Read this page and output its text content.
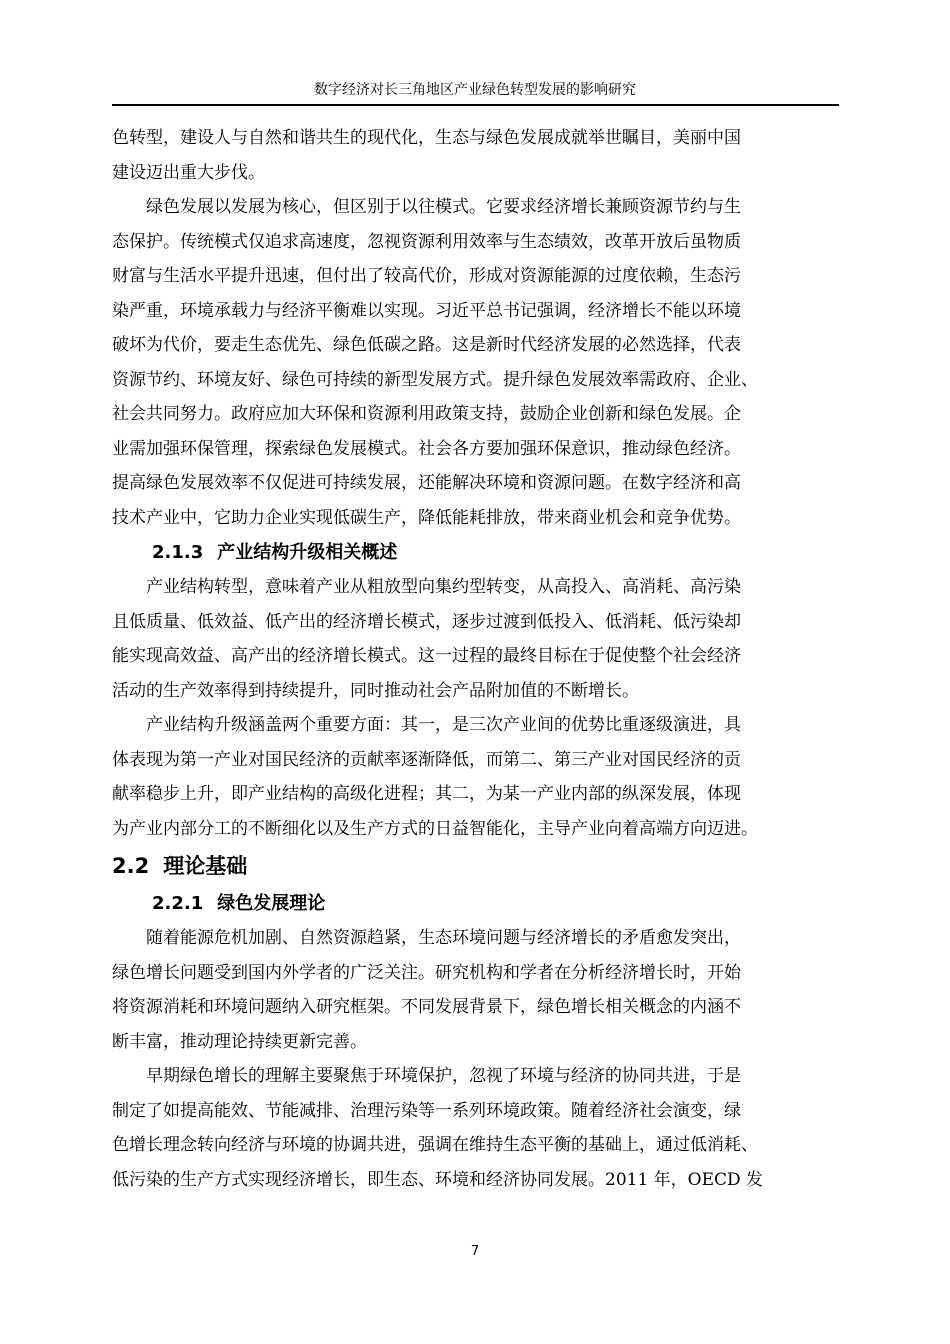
数字经济对长三角地区产业绿色转型发展的影响研究

色转型，建设人与自然和谐共生的现代化，生态与绿色发展成就举世瞩目，美丽中国
建设迈出重大步伐。

　　绿色发展以发展为核心，但区别于以往模式。它要求经济增长兼顾资源节约与生
态保护。传统模式仅追求高速度，忽视资源利用效率与生态绩效，改革开放后虽物质
财富与生活水平提升迅速，但付出了较高代价，形成对资源能源的过度依赖，生态污
染严重，环境承载力与经济平衡难以实现。习近平总书记强调，经济增长不能以环境
破坏为代价，要走生态优先、绿色低碳之路。这是新时代经济发展的必然选择，代表
资源节约、环境友好、绿色可持续的新型发展方式。提升绿色发展效率需政府、企业、
社会共同努力。政府应加大环保和资源利用政策支持，鼓励企业创新和绿色发展。企
业需加强环保管理，探索绿色发展模式。社会各方要加强环保意识，推动绿色经济。
提高绿色发展效率不仅促进可持续发展，还能解决环境和资源问题。在数字经济和高
技术产业中，它助力企业实现低碳生产，降低能耗排放，带来商业机会和竞争优势。

2.1.3 产业结构升级相关概述

　　产业结构转型，意味着产业从粗放型向集约型转变，从高投入、高消耗、高污染
且低质量、低效益、低产出的经济增长模式，逐步过渡到低投入、低消耗、低污染却
能实现高效益、高产出的经济增长模式。这一过程的最终目标在于促使整个社会经济
活动的生产效率得到持续提升，同时推动社会产品附加值的不断增长。

　　产业结构升级涵盖两个重要方面：其一，是三次产业间的优势比重逐级演进，具
体表现为第一产业对国民经济的贡献率逐渐降低，而第二、第三产业对国民经济的贡
献率稳步上升，即产业结构的高级化进程；其二，为某一产业内部的纵深发展，体现
为产业内部分工的不断细化以及生产方式的日益智能化，主导产业向着高端方向迈进。

2.2 理论基础
2.2.1 绿色发展理论

　　随着能源危机加剧、自然资源趋紧，生态环境问题与经济增长的矛盾愈发突出，
绿色增长问题受到国内外学者的广泛关注。研究机构和学者在分析经济增长时，开始
将资源消耗和环境问题纳入研究框架。不同发展背景下，绿色增长相关概念的内涵不
断丰富，推动理论持续更新完善。

　　早期绿色增长的理解主要聚焦于环境保护，忽视了环境与经济的协同共进，于是
制定了如提高能效、节能减排、治理污染等一系列环境政策。随着经济社会演变，绿
色增长理念转向经济与环境的协调共进，强调在维持生态平衡的基础上，通过低消耗、
低污染的生产方式实现经济增长，即生态、环境和经济协同发展。2011 年，OECD 发

7
